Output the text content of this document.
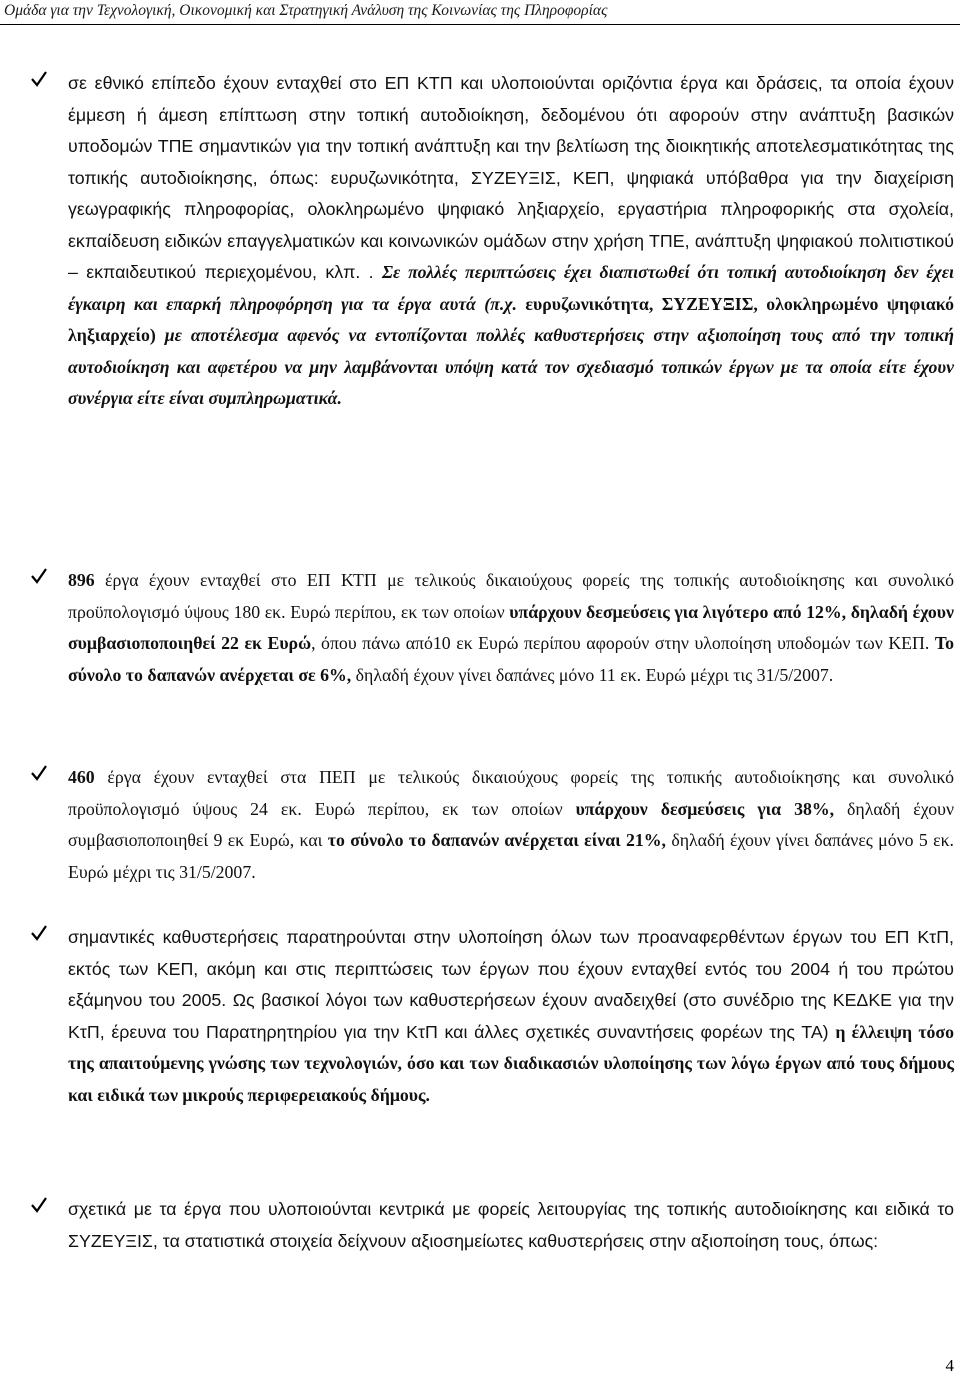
Ομάδα για την Τεχνολογική, Οικονομική και Στρατηγική Ανάλυση της Κοινωνίας της Πληροφορίας
σε εθνικό επίπεδο έχουν ενταχθεί στο ΕΠ ΚΤΠ και υλοποιούνται οριζόντια έργα και δράσεις, τα οποία έχουν έμμεση ή άμεση επίπτωση στην τοπική αυτοδιοίκηση, δεδομένου ότι αφορούν στην ανάπτυξη βασικών υποδομών ΤΠΕ σημαντικών για την τοπική ανάπτυξη και την βελτίωση της διοικητικής αποτελεσματικότητας της τοπικής αυτοδιοίκησης, όπως: ευρυζωνικότητα, ΣΥΖΕΥΞΙΣ, ΚΕΠ, ψηφιακά υπόβαθρα για την διαχείριση γεωγραφικής πληροφορίας, ολοκληρωμένο ψηφιακό ληξιαρχείο, εργαστήρια πληροφορικής στα σχολεία, εκπαίδευση ειδικών επαγγελματικών και κοινωνικών ομάδων στην χρήση ΤΠΕ, ανάπτυξη ψηφιακού πολιτιστικού – εκπαιδευτικού περιεχομένου, κλπ. . Σε πολλές περιπτώσεις έχει διαπιστωθεί ότι τοπική αυτοδιοίκηση δεν έχει έγκαιρη και επαρκή πληροφόρηση για τα έργα αυτά (π.χ. ευρυζωνικότητα, ΣΥΖΕΥΞΙΣ, ολοκληρωμένο ψηφιακό ληξιαρχείο) με αποτέλεσμα αφενός να εντοπίζονται πολλές καθυστερήσεις στην αξιοποίηση τους από την τοπική αυτοδιοίκηση και αφετέρου να μην λαμβάνονται υπόψη κατά τον σχεδιασμό τοπικών έργων με τα οποία είτε έχουν συνέργια είτε είναι συμπληρωματικά.
896 έργα έχουν ενταχθεί στο ΕΠ ΚΤΠ με τελικούς δικαιούχους φορείς της τοπικής αυτοδιοίκησης και συνολικό προϋπολογισμό ύψους 180 εκ. Ευρώ περίπου, εκ των οποίων υπάρχουν δεσμεύσεις για λιγότερο από 12%, δηλαδή έχουν συμβασιοποποιηθεί 22 εκ Ευρώ, όπου πάνω από10 εκ Ευρώ περίπου αφορούν στην υλοποίηση υποδομών των ΚΕΠ. Το σύνολο το δαπανών ανέρχεται σε 6%, δηλαδή έχουν γίνει δαπάνες μόνο 11 εκ. Ευρώ μέχρι τις 31/5/2007.
460 έργα έχουν ενταχθεί στα ΠΕΠ με τελικούς δικαιούχους φορείς της τοπικής αυτοδιοίκησης και συνολικό προϋπολογισμό ύψους 24 εκ. Ευρώ περίπου, εκ των οποίων υπάρχουν δεσμεύσεις για 38%, δηλαδή έχουν συμβασιοποποιηθεί 9 εκ Ευρώ, και το σύνολο το δαπανών ανέρχεται είναι 21%, δηλαδή έχουν γίνει δαπάνες μόνο 5 εκ. Ευρώ μέχρι τις 31/5/2007.
σημαντικές καθυστερήσεις παρατηρούνται στην υλοποίηση όλων των προαναφερθέντων έργων του ΕΠ ΚτΠ, εκτός των ΚΕΠ, ακόμη και στις περιπτώσεις των έργων που έχουν ενταχθεί εντός του 2004 ή του πρώτου εξάμηνου του 2005. Ως βασικοί λόγοι των καθυστερήσεων έχουν αναδειχθεί (στο συνέδριο της ΚΕΔΚΕ για την ΚτΠ, έρευνα του Παρατηρητηρίου για την ΚτΠ και άλλες σχετικές συναντήσεις φορέων της ΤΑ) η έλλειψη τόσο της απαιτούμενης γνώσης των τεχνολογιών, όσο και των διαδικασιών υλοποίησης των λόγω έργων από τους δήμους και ειδικά των μικρούς περιφερειακούς δήμους.
σχετικά με τα έργα που υλοποιούνται κεντρικά με φορείς λειτουργίας της τοπικής αυτοδιοίκησης και ειδικά το ΣΥΖΕΥΞΙΣ, τα στατιστικά στοιχεία δείχνουν αξιοσημείωτες καθυστερήσεις στην αξιοποίηση τους, όπως:
4
